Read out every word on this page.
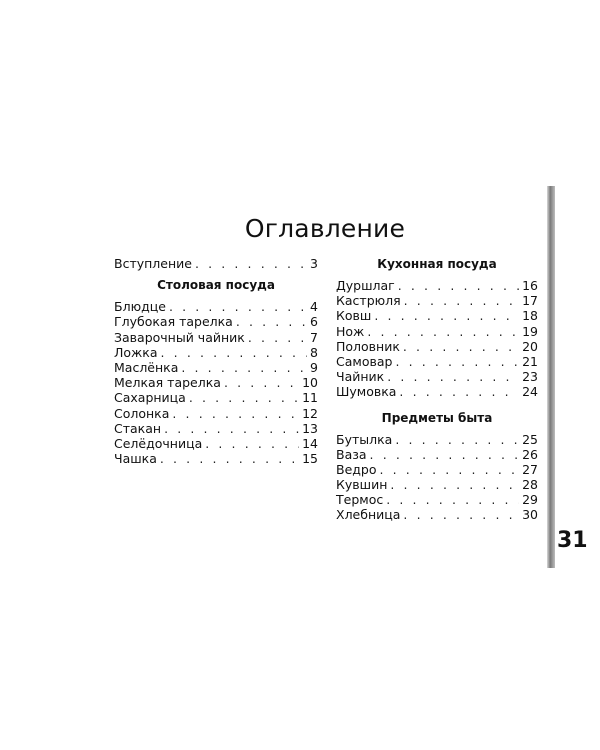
Оглавление
Вступление . . .	3
Столовая посуда
Блюдце . . .	4
Глубокая тарелка . . .	6
Заварочный чайник . . .	7
Ложка . . .	8
Маслёнка . . .	9
Мелкая тарелка . . .	10
Сахарница . . .	11
Солонка . . .	12
Стакан . . .	13
Селёдочница . . .	14
Чашка . . .	15
Кухонная посуда
Дуршлаг . . .	16
Кастрюля . . .	17
Ковш . . .	18
Нож . . .	19
Половник . . .	20
Самовар . . .	21
Чайник . . .	23
Шумовка . . .	24
Предметы быта
Бутылка . . .	25
Ваза . . .	26
Ведро . . .	27
Кувшин . . .	28
Термос . . .	29
Хлебница . . .	30
31
